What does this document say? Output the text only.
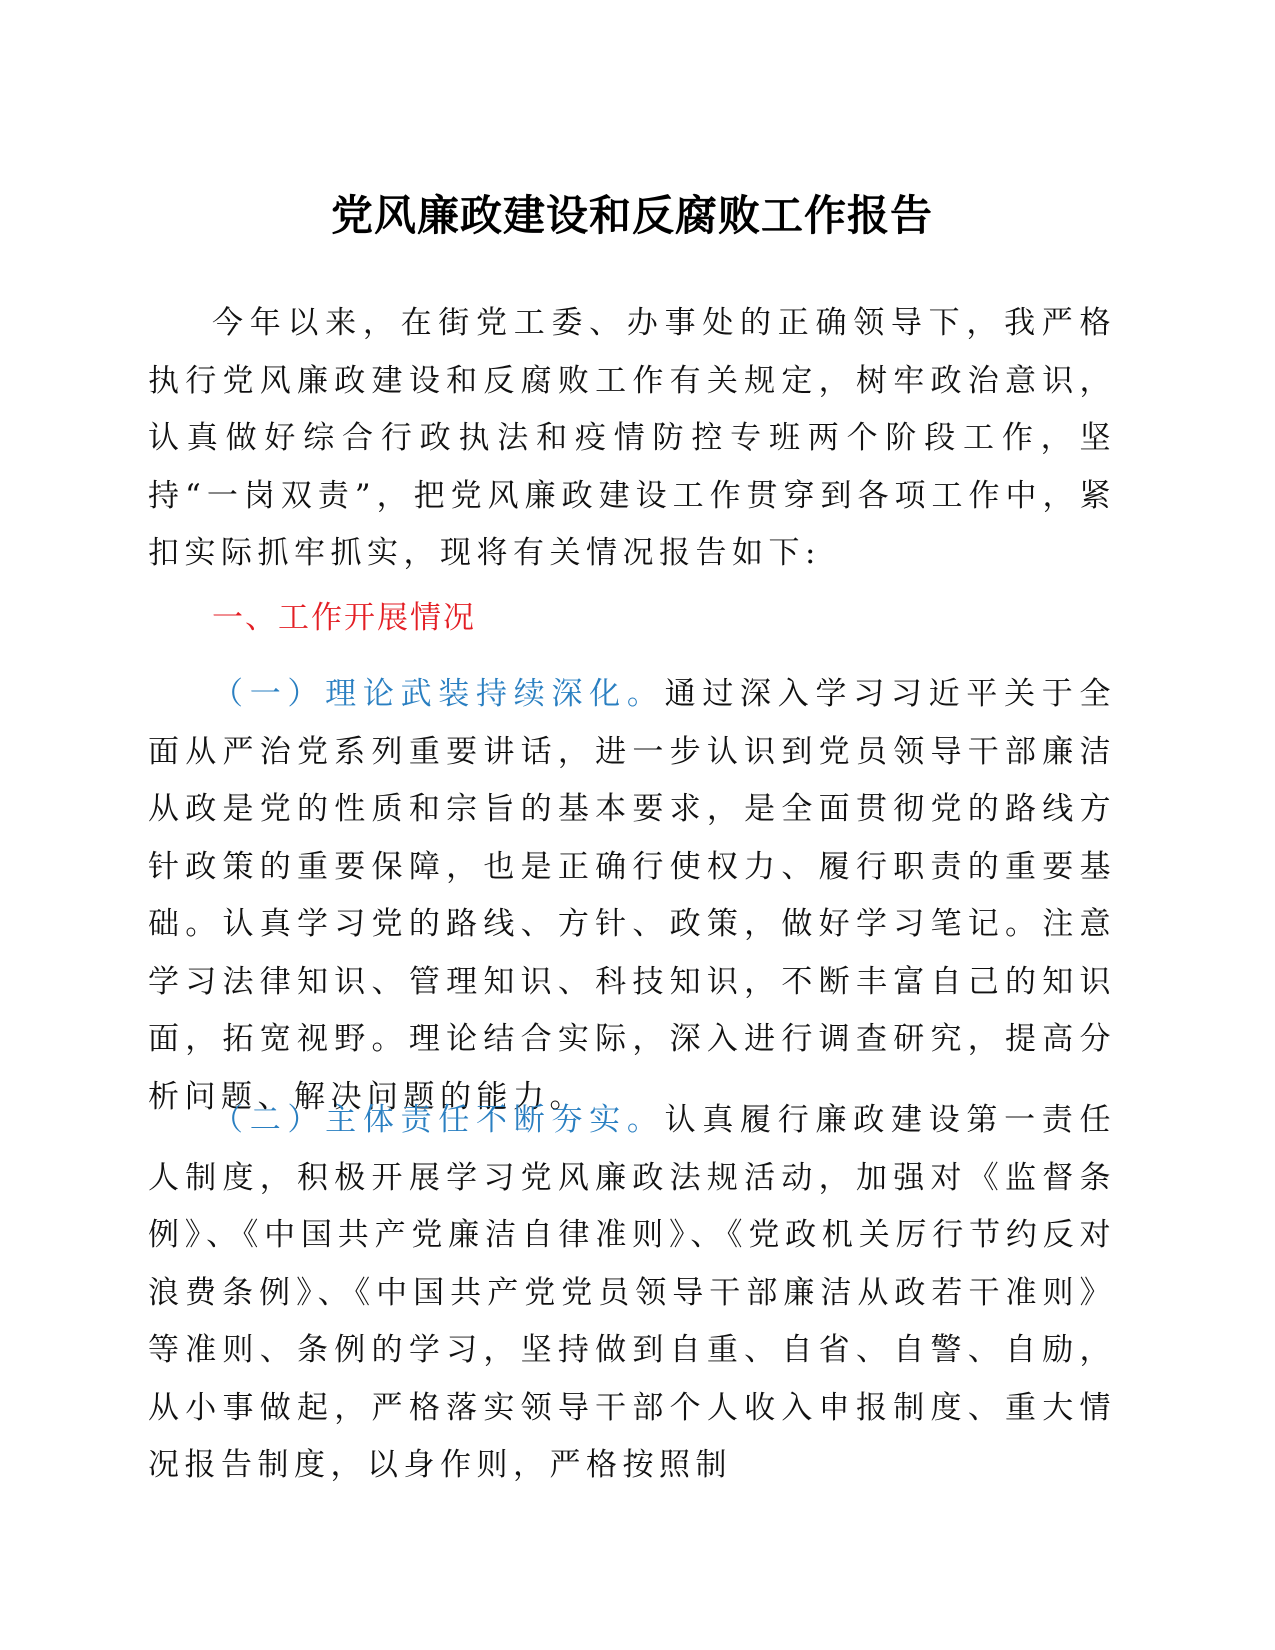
党风廉政建设和反腐败工作报告

今年以来，在街党工委、办事处的正确领导下，我严格执行党风廉政建设和反腐败工作有关规定，树牢政治意识，认真做好综合行政执法和疫情防控专班两个阶段工作，坚持“一岗双责”，把党风廉政建设工作贯穿到各项工作中，紧扣实际抓牢抓实，现将有关情况报告如下:

一、工作开展情况

（一）理论武装持续深化。通过深入学习习近平关于全面从严治党系列重要讲话，进一步认识到党员领导干部廉洁从政是党的性质和宗旨的基本要求，是全面贯彻党的路线方针政策的重要保障，也是正确行使权力、履行职责的重要基础。认真学习党的路线、方针、政策，做好学习笔记。注意学习法律知识、管理知识、科技知识，不断丰富自己的知识面，拓宽视野。理论结合实际，深入进行调查研究，提高分析问题、解决问题的能力。

（二）主体责任不断夯实。认真履行廉政建设第一责任人制度，积极开展学习党风廉政法规活动，加强对《监督条例》、《中国共产党廉洁自律准则》、《党政机关厉行节约反对浪费条例》、《中国共产党党员领导干部廉洁从政若干准则》等准则、条例的学习，坚持做到自重、自省、自警、自励，从小事做起，严格落实领导干部个人收入申报制度、重大情况报告制度，以身作则，严格按照制
